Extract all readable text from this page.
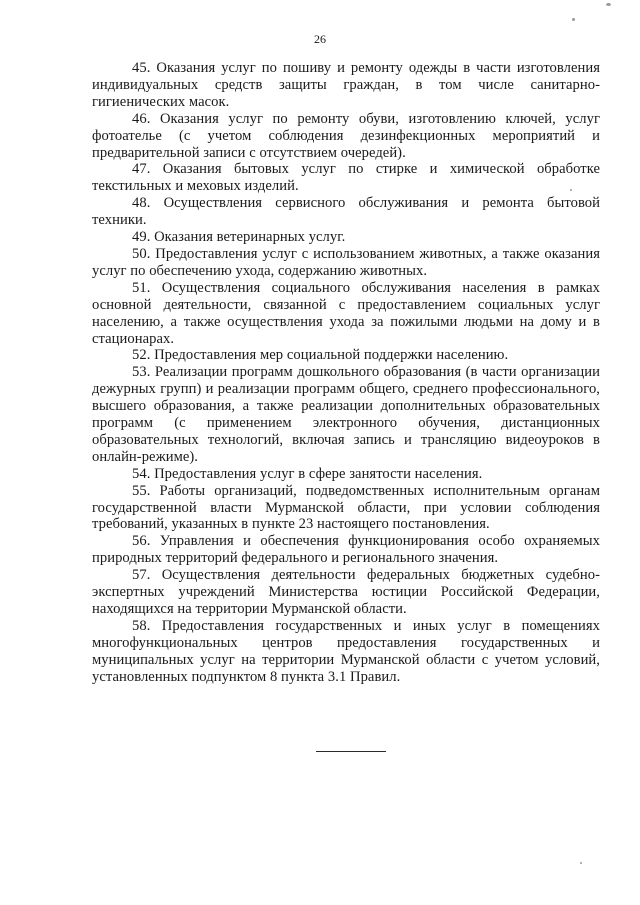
26

45. Оказания услуг по пошиву и ремонту одежды в части изготовления индивидуальных средств защиты граждан, в том числе санитарно-гигиенических масок.

46. Оказания услуг по ремонту обуви, изготовлению ключей, услуг фотоателье (с учетом соблюдения дезинфекционных мероприятий и предварительной записи с отсутствием очередей).

47. Оказания бытовых услуг по стирке и химической обработке текстильных и меховых изделий.

48. Осуществления сервисного обслуживания и ремонта бытовой техники.

49. Оказания ветеринарных услуг.

50. Предоставления услуг с использованием животных, а также оказания услуг по обеспечению ухода, содержанию животных.

51. Осуществления социального обслуживания населения в рамках основной деятельности, связанной с предоставлением социальных услуг населению, а также осуществления ухода за пожилыми людьми на дому и в стационарах.

52. Предоставления мер социальной поддержки населению.

53. Реализации программ дошкольного образования (в части организации дежурных групп) и реализации программ общего, среднего профессионального, высшего образования, а также реализации дополнительных образовательных программ (с применением электронного обучения, дистанционных образовательных технологий, включая запись и трансляцию видеоуроков в онлайн-режиме).

54. Предоставления услуг в сфере занятости населения.

55. Работы организаций, подведомственных исполнительным органам государственной власти Мурманской области, при условии соблюдения требований, указанных в пункте 23 настоящего постановления.

56. Управления и обеспечения функционирования особо охраняемых природных территорий федерального и регионального значения.

57. Осуществления деятельности федеральных бюджетных судебно-экспертных учреждений Министерства юстиции Российской Федерации, находящихся на территории Мурманской области.

58. Предоставления государственных и иных услуг в помещениях многофункциональных центров предоставления государственных и муниципальных услуг на территории Мурманской области с учетом условий, установленных подпунктом 8 пункта 3.1 Правил.
